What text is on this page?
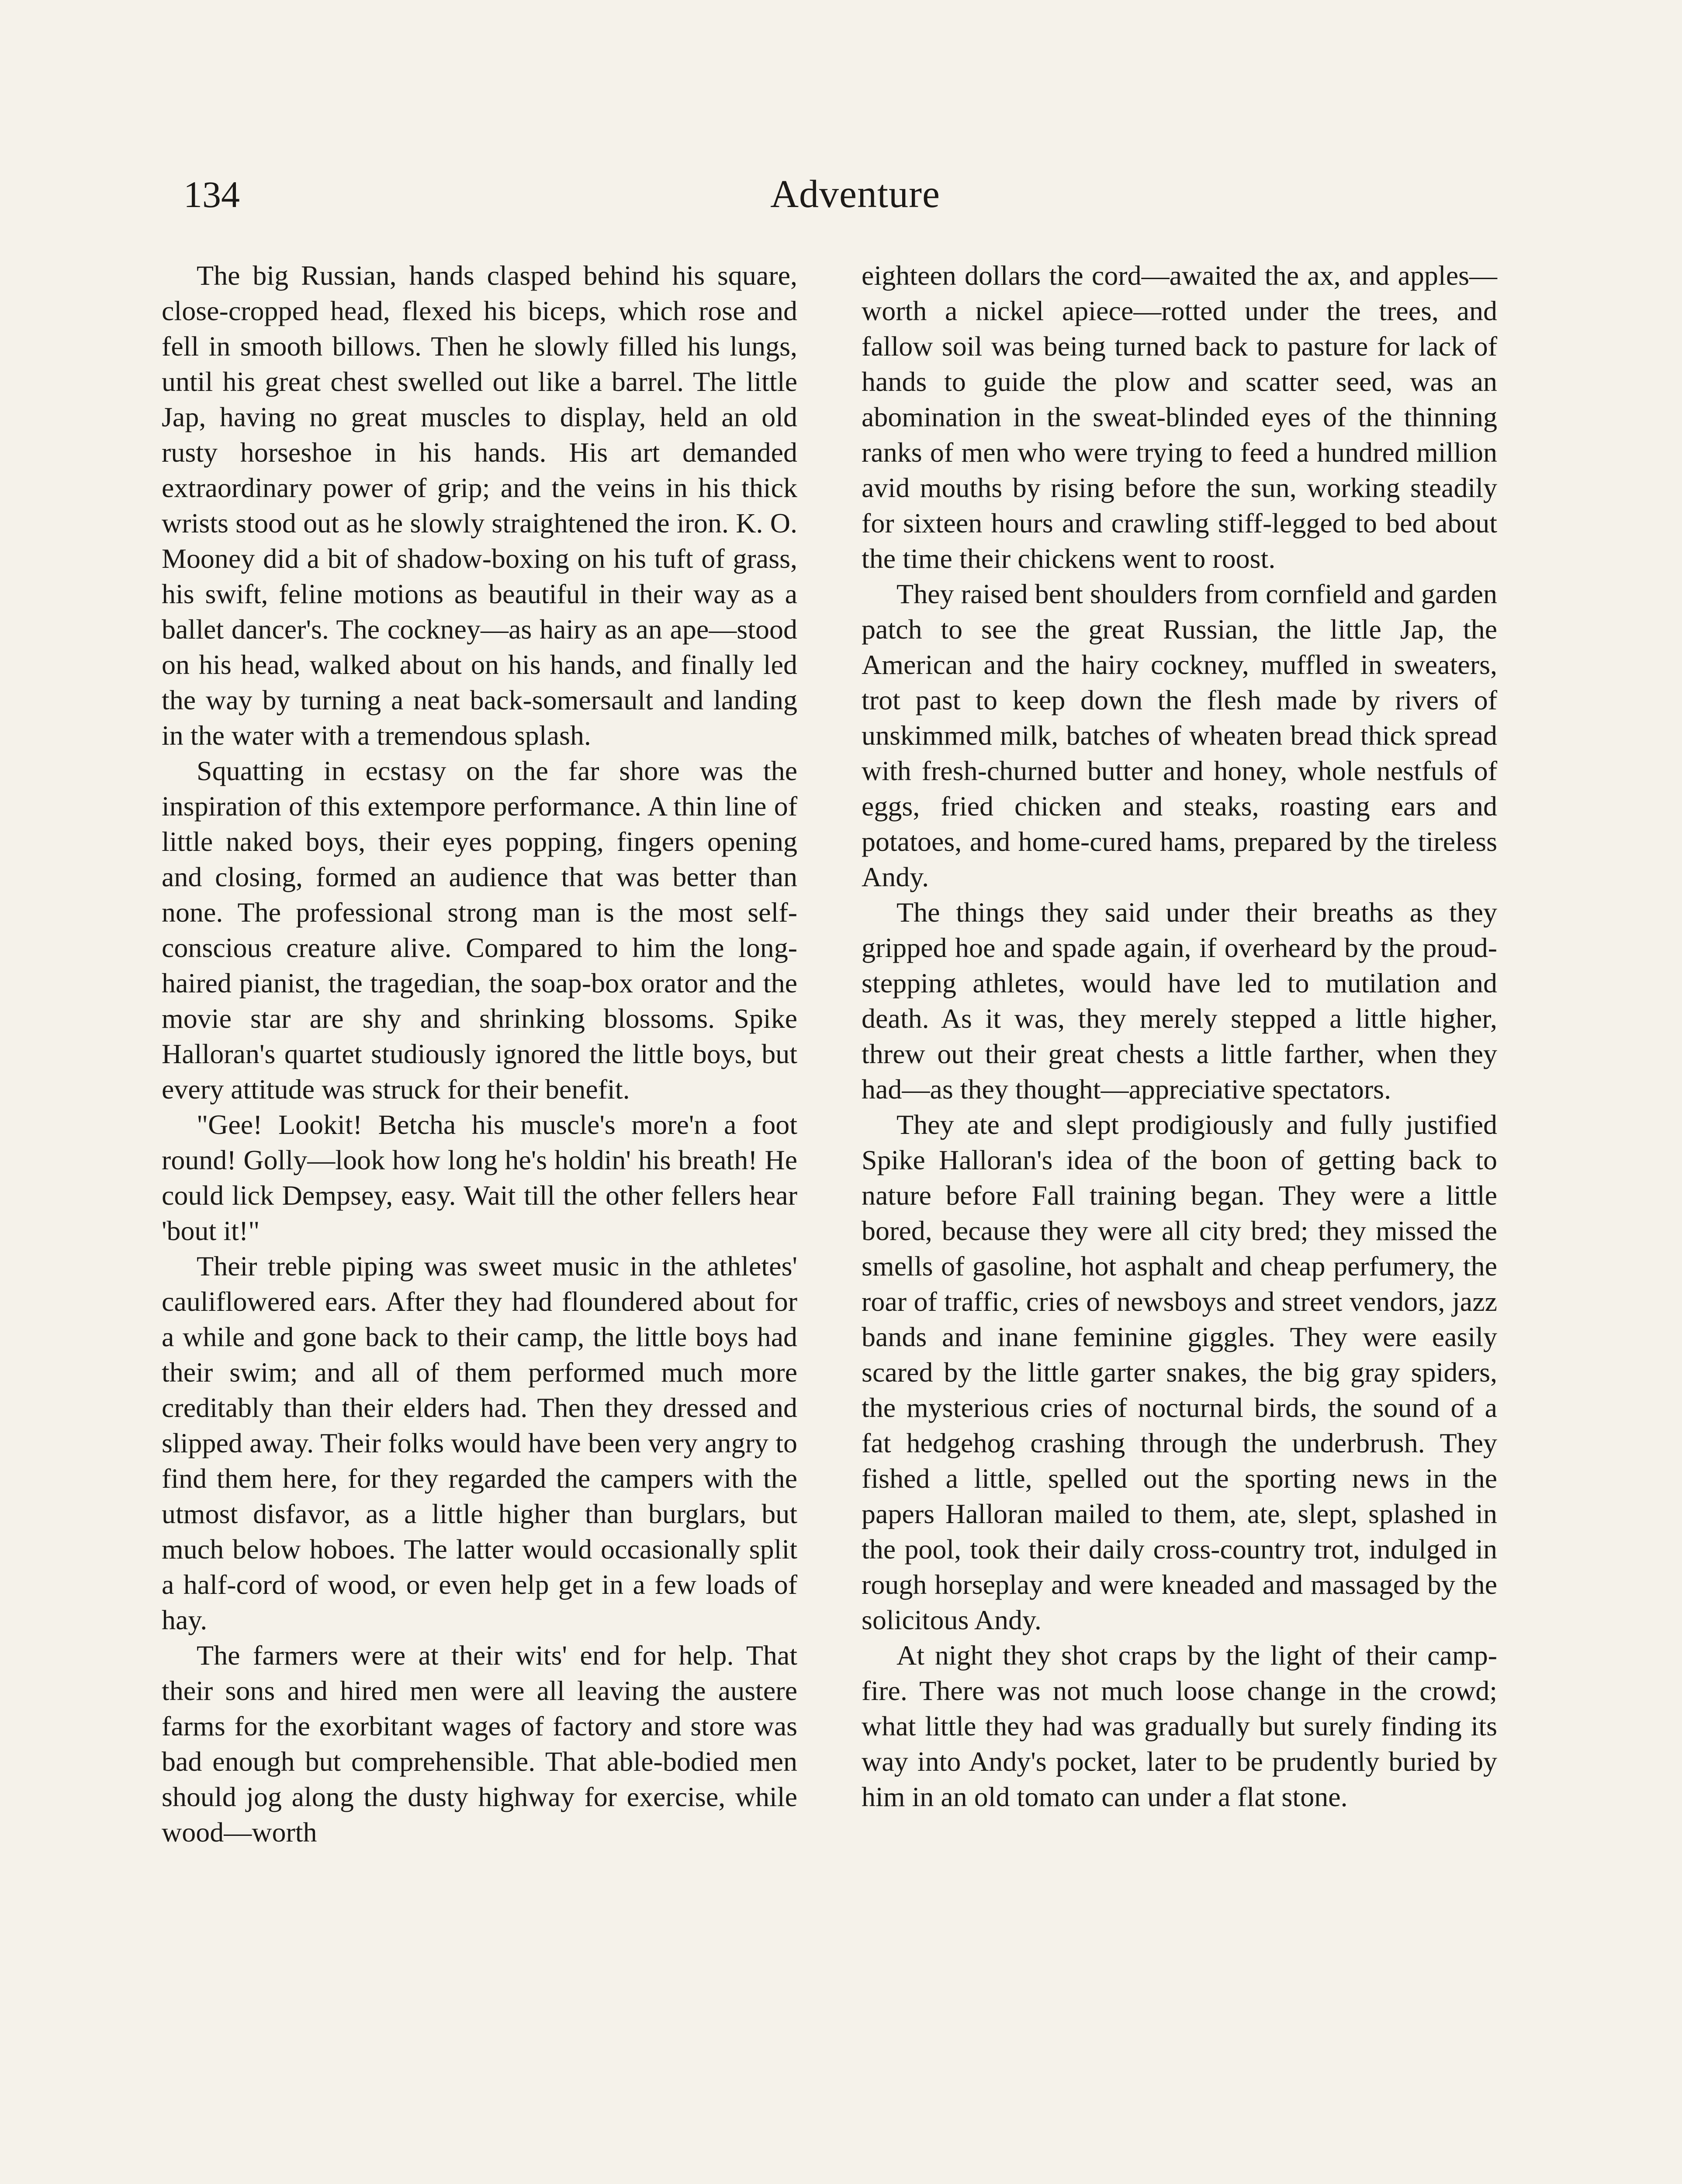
134	Adventure

The big Russian, hands clasped behind his square, close-cropped head, flexed his biceps, which rose and fell in smooth billows. Then he slowly filled his lungs, until his great chest swelled out like a barrel. The little Jap, having no great muscles to display, held an old rusty horseshoe in his hands. His art demanded extraordinary power of grip; and the veins in his thick wrists stood out as he slowly straightened the iron. K. O. Mooney did a bit of shadow-boxing on his tuft of grass, his swift, feline motions as beautiful in their way as a ballet dancer's. The cockney—as hairy as an ape—stood on his head, walked about on his hands, and finally led the way by turning a neat back-somersault and landing in the water with a tremendous splash.

Squatting in ecstasy on the far shore was the inspiration of this extempore performance. A thin line of little naked boys, their eyes popping, fingers opening and closing, formed an audience that was better than none. The professional strong man is the most self-conscious creature alive. Compared to him the long-haired pianist, the tragedian, the soap-box orator and the movie star are shy and shrinking blossoms. Spike Halloran's quartet studiously ignored the little boys, but every attitude was struck for their benefit.

"Gee! Lookit! Betcha his muscle's more'n a foot round! Golly—look how long he's holdin' his breath! He could lick Dempsey, easy. Wait till the other fellers hear 'bout it!"

Their treble piping was sweet music in the athletes' cauliflowered ears. After they had floundered about for a while and gone back to their camp, the little boys had their swim; and all of them performed much more creditably than their elders had. Then they dressed and slipped away. Their folks would have been very angry to find them here, for they regarded the campers with the utmost disfavor, as a little higher than burglars, but much below hoboes. The latter would occasionally split a half-cord of wood, or even help get in a few loads of hay.

The farmers were at their wits' end for help. That their sons and hired men were all leaving the austere farms for the exorbitant wages of factory and store was bad enough but comprehensible. That able-bodied men should jog along the dusty highway for exercise, while wood—worth

eighteen dollars the cord—awaited the ax, and apples—worth a nickel apiece—rotted under the trees, and fallow soil was being turned back to pasture for lack of hands to guide the plow and scatter seed, was an abomination in the sweat-blinded eyes of the thinning ranks of men who were trying to feed a hundred million avid mouths by rising before the sun, working steadily for sixteen hours and crawling stiff-legged to bed about the time their chickens went to roost.

They raised bent shoulders from cornfield and garden patch to see the great Russian, the little Jap, the American and the hairy cockney, muffled in sweaters, trot past to keep down the flesh made by rivers of unskimmed milk, batches of wheaten bread thick spread with fresh-churned butter and honey, whole nestfuls of eggs, fried chicken and steaks, roasting ears and potatoes, and home-cured hams, prepared by the tireless Andy.

The things they said under their breaths as they gripped hoe and spade again, if overheard by the proud-stepping athletes, would have led to mutilation and death. As it was, they merely stepped a little higher, threw out their great chests a little farther, when they had—as they thought—appreciative spectators.

They ate and slept prodigiously and fully justified Spike Halloran's idea of the boon of getting back to nature before Fall training began. They were a little bored, because they were all city bred; they missed the smells of gasoline, hot asphalt and cheap perfumery, the roar of traffic, cries of newsboys and street vendors, jazz bands and inane feminine giggles. They were easily scared by the little garter snakes, the big gray spiders, the mysterious cries of nocturnal birds, the sound of a fat hedgehog crashing through the underbrush. They fished a little, spelled out the sporting news in the papers Halloran mailed to them, ate, slept, splashed in the pool, took their daily cross-country trot, indulged in rough horseplay and were kneaded and massaged by the solicitous Andy.

At night they shot craps by the light of their camp-fire. There was not much loose change in the crowd; what little they had was gradually but surely finding its way into Andy's pocket, later to be prudently buried by him in an old tomato can under a flat stone.
